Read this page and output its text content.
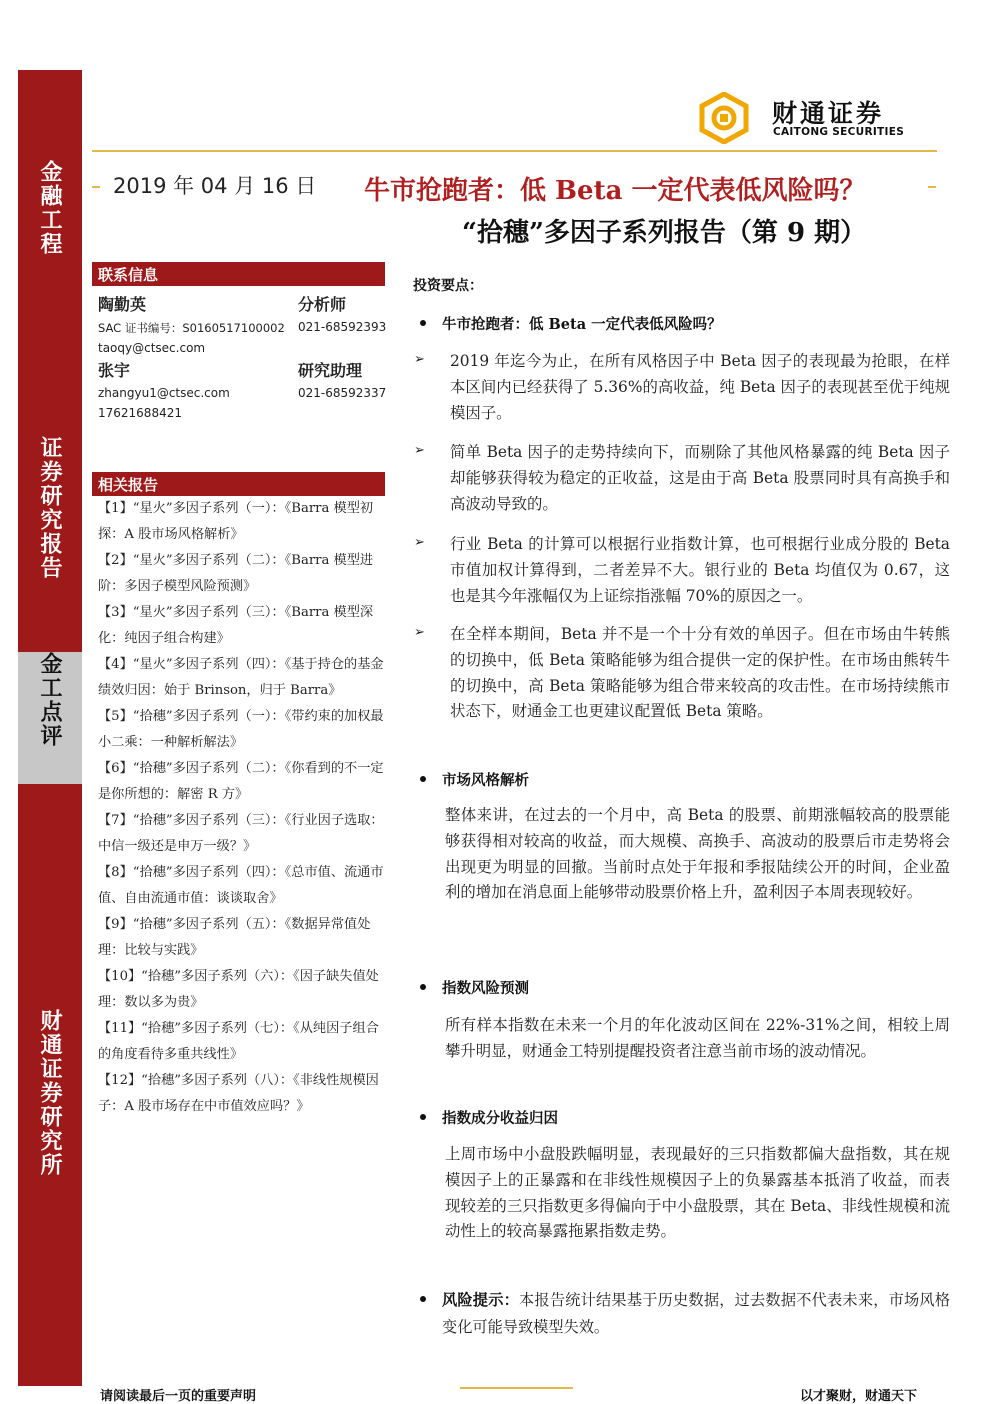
金融工程
证券研究报告
金工点评
财通证券研究所
财通证券
CAITONG SECURITIES
2019 年 04 月 16 日 牛市抢跑者：低 Beta 一定代表低风险吗？
“拾穗”多因子系列报告（第 9 期）
联系信息
陶勤英	分析师
SAC 证书编号：S0160517100002 021-68592393
taoqy@ctsec.com
张宇	研究助理
zhangyu1@ctsec.com	021-68592337
17621688421
相关报告
【1】“星火”多因子系列（一）：《Barra 模型初探：A 股市场风格解析》
【2】“星火”多因子系列（二）：《Barra 模型进阶：多因子模型风险预测》
【3】“星火”多因子系列（三）：《Barra 模型深化：纯因子组合构建》
【4】“星火”多因子系列（四）：《基于持仓的基金绩效归因：始于 Brinson，归于 Barra》
【5】“拾穗”多因子系列（一）：《带约束的加权最小二乘：一种解析解法》
【6】“拾穗”多因子系列（二）：《你看到的不一定是你所想的：解密 R 方》
【7】“拾穗”多因子系列（三）：《行业因子选取：中信一级还是申万一级？》
【8】“拾穗”多因子系列（四）：《总市值、流通市值、自由流通市值：谈谈取舍》
【9】“拾穗”多因子系列（五）：《数据异常值处理：比较与实践》
【10】“拾穗”多因子系列（六）：《因子缺失值处理：数以多为贵》
【11】“拾穗”多因子系列（七）：《从纯因子组合的角度看待多重共线性》
【12】“拾穗”多因子系列（八）：《非线性规模因子：A 股市场存在中市值效应吗？》
投资要点：
牛市抢跑者：低 Beta 一定代表低风险吗？
➢ 2019 年迄今为止，在所有风格因子中 Beta 因子的表现最为抢眼，在样本区间内已经获得了 5.36%的高收益，纯 Beta 因子的表现甚至优于纯规模因子。
➢ 简单 Beta 因子的走势持续向下，而剔除了其他风格暴露的纯 Beta 因子却能够获得较为稳定的正收益，这是由于高 Beta 股票同时具有高换手和高波动导致的。
➢ 行业 Beta 的计算可以根据行业指数计算，也可根据行业成分股的 Beta 市值加权计算得到，二者差异不大。银行业的 Beta 均值仅为 0.67，这也是其今年涨幅仅为上证综指涨幅 70%的原因之一。
➢ 在全样本期间，Beta 并不是一个十分有效的单因子。但在市场由牛转熊的切换中，低 Beta 策略能够为组合提供一定的保护性。在市场由熊转牛的切换中，高 Beta 策略能够为组合带来较高的攻击性。在市场持续熊市状态下，财通金工也更建议配置低 Beta 策略。
市场风格解析
整体来讲，在过去的一个月中，高 Beta 的股票、前期涨幅较高的股票能够获得相对较高的收益，而大规模、高换手、高波动的股票后市走势将会出现更为明显的回撤。当前时点处于年报和季报陆续公开的时间，企业盈利的增加在消息面上能够带动股票价格上升，盈利因子本周表现较好。
指数风险预测
所有样本指数在未来一个月的年化波动区间在 22%-31%之间，相较上周攀升明显，财通金工特别提醒投资者注意当前市场的波动情况。
指数成分收益归因
上周市场中小盘股跌幅明显，表现最好的三只指数都偏大盘指数，其在规模因子上的正暴露和在非线性规模因子上的负暴露基本抵消了收益，而表现较差的三只指数更多得偏向于中小盘股票，其在 Beta、非线性规模和流动性上的较高暴露拖累指数走势。
风险提示：本报告统计结果基于历史数据，过去数据不代表未来，市场风格变化可能导致模型失效。
请阅读最后一页的重要声明	以才聚财，财通天下
